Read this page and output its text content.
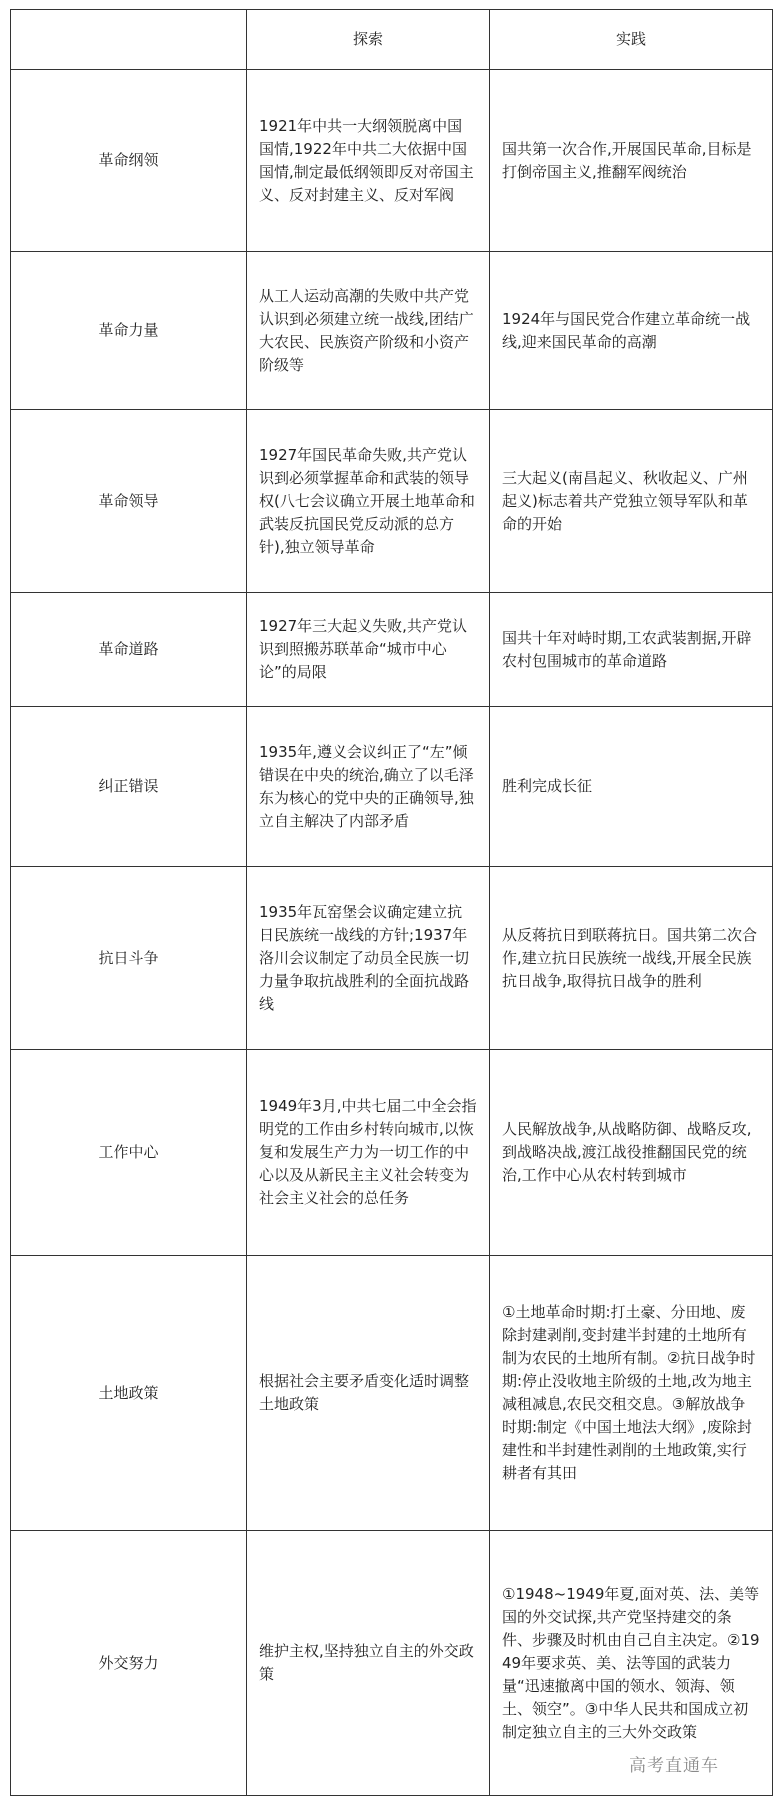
	探索	实践
革命纲领	1921年中共一大纲领脱离中国国情,1922年中共二大依据中国国情,制定最低纲领即反对帝国主义、反对封建主义、反对军阀	国共第一次合作,开展国民革命,目标是打倒帝国主义,推翻军阀统治
革命力量	从工人运动高潮的失败中共产党认识到必须建立统一战线,团结广大农民、民族资产阶级和小资产阶级等	1924年与国民党合作建立革命统一战线,迎来国民革命的高潮
革命领导	1927年国民革命失败,共产党认识到必须掌握革命和武装的领导权(八七会议确立开展土地革命和武装反抗国民党反动派的总方针),独立领导革命	三大起义(南昌起义、秋收起义、广州起义)标志着共产党独立领导军队和革命的开始
革命道路	1927年三大起义失败,共产党认识到照搬苏联革命“城市中心论”的局限	国共十年对峙时期,工农武装割据,开辟农村包围城市的革命道路
纠正错误	1935年,遵义会议纠正了“左”倾错误在中央的统治,确立了以毛泽东为核心的党中央的正确领导,独立自主解决了内部矛盾	胜利完成长征
抗日斗争	1935年瓦窑堡会议确定建立抗日民族统一战线的方针;1937年洛川会议制定了动员全民族一切力量争取抗战胜利的全面抗战路线	从反蒋抗日到联蒋抗日。国共第二次合作,建立抗日民族统一战线,开展全民族抗日战争,取得抗日战争的胜利
工作中心	1949年3月,中共七届二中全会指明党的工作由乡村转向城市,以恢复和发展生产力为一切工作的中心以及从新民主主义社会转变为社会主义社会的总任务	人民解放战争,从战略防御、战略反攻,到战略决战,渡江战役推翻国民党的统治,工作中心从农村转到城市
土地政策	根据社会主要矛盾变化适时调整土地政策	①土地革命时期:打土豪、分田地、废除封建剥削,变封建半封建的土地所有制为农民的土地所有制。②抗日战争时期:停止没收地主阶级的土地,改为地主减租减息,农民交租交息。③解放战争时期:制定《中国土地法大纲》,废除封建性和半封建性剥削的土地政策,实行耕者有其田
外交努力	维护主权,坚持独立自主的外交政策	①1948~1949年夏,面对英、法、美等国的外交试探,共产党坚持建交的条件、步骤及时机由自己自主决定。②1949年要求英、美、法等国的武装力量“迅速撤离中国的领水、领海、领土、领空”。③中华人民共和国成立初制定独立自主的三大外交政策
高考直通车
